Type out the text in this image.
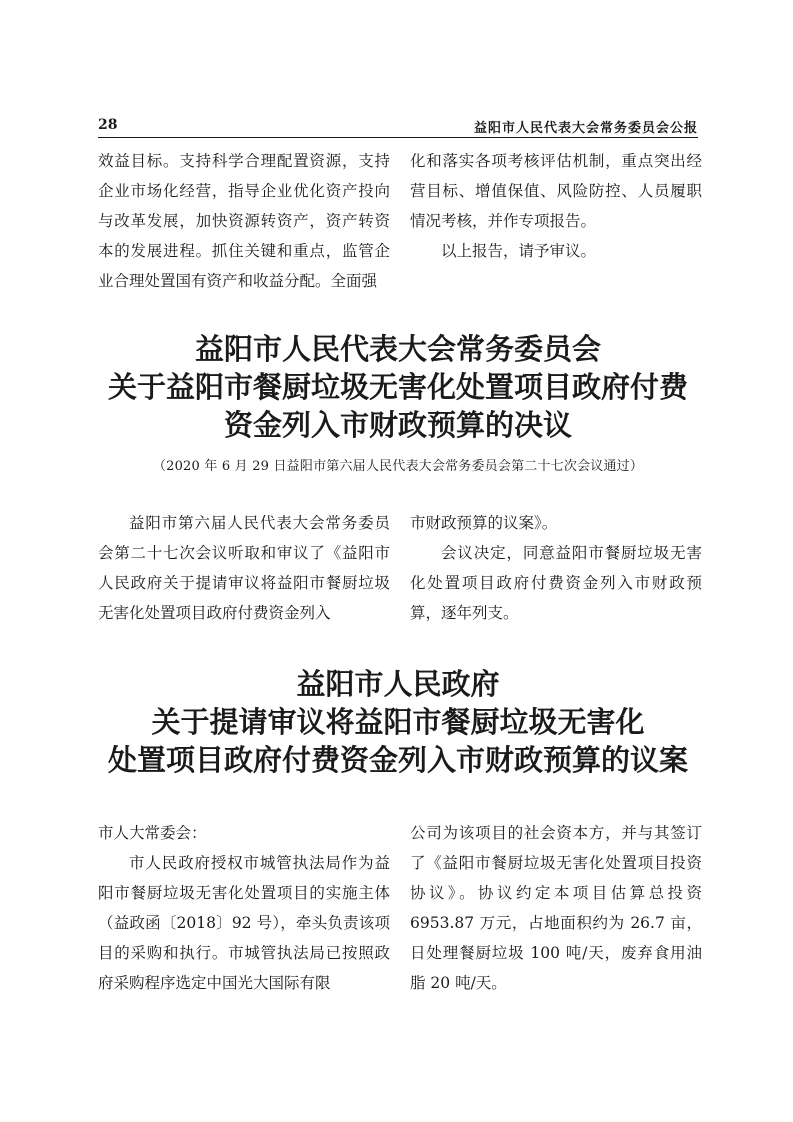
28	益阳市人民代表大会常务委员会公报

效益目标。支持科学合理配置资源，支持企业市场化经营，指导企业优化资产投向与改革发展，加快资源转资产，资产转资本的发展进程。抓住关键和重点，监管企业合理处置国有资产和收益分配。全面强

化和落实各项考核评估机制，重点突出经营目标、增值保值、风险防控、人员履职情况考核，并作专项报告。

以上报告，请予审议。

益阳市人民代表大会常务委员会
关于益阳市餐厨垃圾无害化处置项目政府付费
资金列入市财政预算的决议
（2020 年 6 月 29 日益阳市第六届人民代表大会常务委员会第二十七次会议通过）

益阳市第六届人民代表大会常务委员会第二十七次会议听取和审议了《益阳市人民政府关于提请审议将益阳市餐厨垃圾无害化处置项目政府付费资金列入

市财政预算的议案》。

会议决定，同意益阳市餐厨垃圾无害化处置项目政府付费资金列入市财政预算，逐年列支。

益阳市人民政府
关于提请审议将益阳市餐厨垃圾无害化
处置项目政府付费资金列入市财政预算的议案

市人大常委会：

市人民政府授权市城管执法局作为益阳市餐厨垃圾无害化处置项目的实施主体（益政函〔2018〕92 号），牵头负责该项目的采购和执行。市城管执法局已按照政府采购程序选定中国光大国际有限

公司为该项目的社会资本方，并与其签订了《益阳市餐厨垃圾无害化处置项目投资协议》。协议约定本项目估算总投资 6953.87 万元，占地面积约为 26.7 亩，日处理餐厨垃圾 100 吨/天，废弃食用油脂 20 吨/天。
